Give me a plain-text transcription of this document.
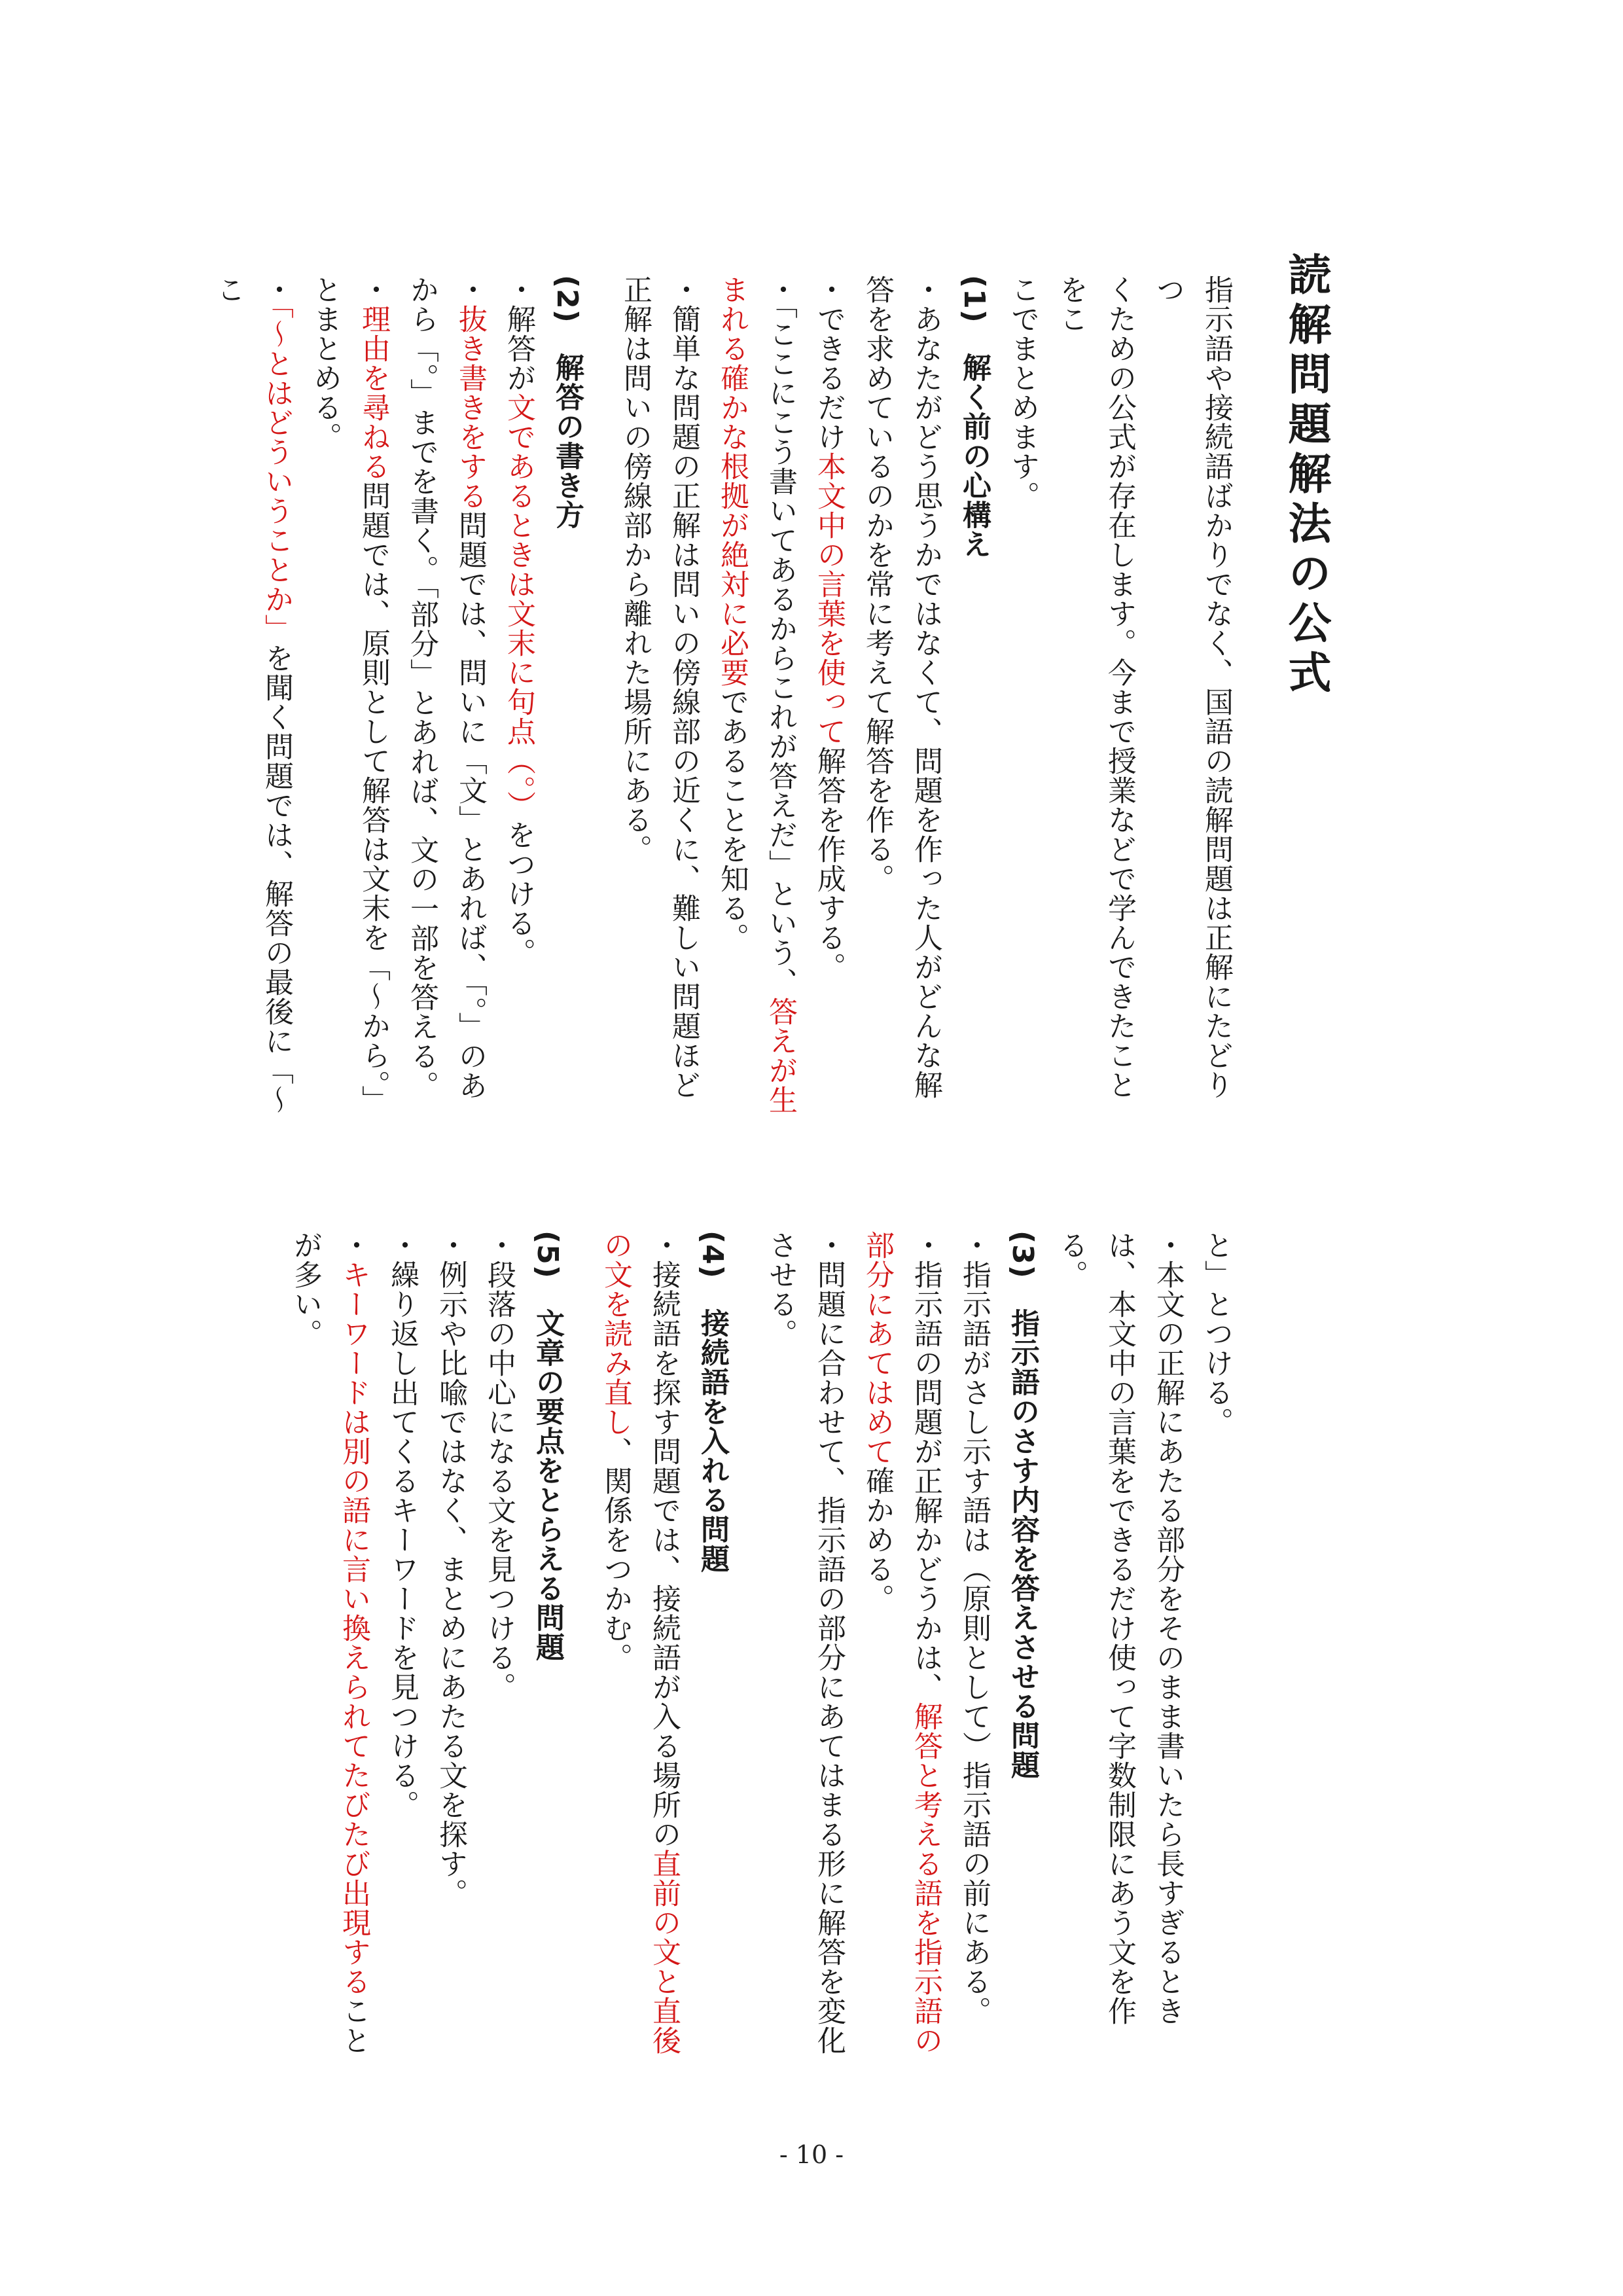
読解問題解法の公式
指示語や接続語ばかりでなく、国語の読解問題は正解にたどりつ
くための公式が存在します。今まで授業などで学んできたことをこ
こでまとめます。
(1)　解く前の心構え
・あなたがどう思うかではなくて、問題を作った人がどんな解答を求めているのかを常に考えて解答を作る。
・できるだけ本文中の言葉を使って解答を作成する。
・「ここにこう書いてあるからこれが答えだ」という、答えが生まれる確かな根拠が絶対に必要であることを知る。
・簡単な問題の正解は問いの傍線部の近くに、難しい問題ほど正解は問いの傍線部から離れた場所にある。
(2)　解答の書き方
・解答が文であるときは文末に句点（。）をつける。
・抜き書きをする問題では、問いに「文」とあれば、「。」のあから「。」までを書く。「部分」とあれば、文の一部を答える。
・理由を尋ねる問題では、原則として解答は文末を「～から。」とまとめる。
・「～とはどういうことか」を聞く問題では、解答の最後に「～こ
と」とつける。
・本文の正解にあたる部分をそのまま書いたら長すぎるときは、本文中の言葉をできるだけ使って字数制限にあう文を作る。
(3)　指示語のさす内容を答えさせる問題
・指示語がさし示す語は（原則として）指示語の前にある。
・指示語の問題が正解かどうかは、解答と考える語を指示語の部分にあてはめて確かめる。
・問題に合わせて、指示語の部分にあてはまる形に解答を変化させる。
(4)　接続語を入れる問題
・接続語を探す問題では、接続語が入る場所の直前の文と直後の文を読み直し、関係をつかむ。
(5)　文章の要点をとらえる問題
・段落の中心になる文を見つける。
・例示や比喩ではなく、まとめにあたる文を探す。
・繰り返し出てくるキーワードを見つける。
・キーワードは別の語に言い換えられてたびたび出現することが多い。
- 10 -
